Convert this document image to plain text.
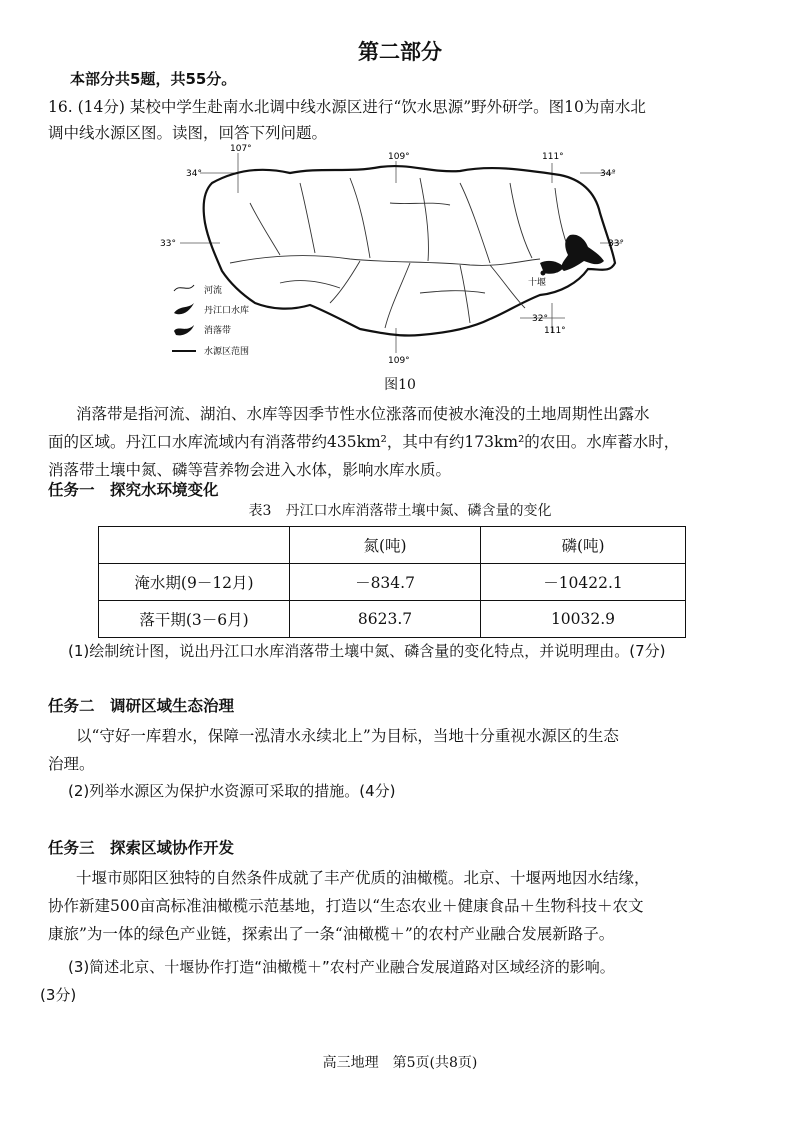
第二部分
本部分共5题，共55分。
16. (14分) 某校中学生赴南水北调中线水源区进行“饮水思源”野外研学。图10为南水北
调中线水源区图。读图，回答下列问题。
107°
109°	111°
109°
111°
34°	34°
33°	33°
32°
十堰
河流
丹江口水库
消落带
水源区范围
图10
消落带是指河流、湖泊、水库等因季节性水位涨落而使被水淹没的土地周期性出露水
面的区域。丹江口水库流域内有消落带约435km²，其中有约173km²的农田。水库蓄水时，
消落带土壤中氮、磷等营养物会进入水体，影响水库水质。
任务一　探究水环境变化
表3　丹江口水库消落带土壤中氮、磷含量的变化
	氮(吨)	磷(吨)
淹水期(9－12月)	－834.7	－10422.1
落干期(3－6月)	8623.7	10032.9
(1)绘制统计图，说出丹江口水库消落带土壤中氮、磷含量的变化特点，并说明理由。(7分)
任务二　调研区域生态治理
以“守好一库碧水，保障一泓清水永续北上”为目标，当地十分重视水源区的生态
治理。
(2)列举水源区为保护水资源可采取的措施。(4分)
任务三　探索区域协作开发
十堰市郧阳区独特的自然条件成就了丰产优质的油橄榄。北京、十堰两地因水结缘，
协作新建500亩高标准油橄榄示范基地，打造以“生态农业＋健康食品＋生物科技＋农文
康旅”为一体的绿色产业链，探索出了一条“油橄榄＋”的农村产业融合发展新路子。
(3)简述北京、十堰协作打造“油橄榄＋”农村产业融合发展道路对区域经济的影响。
(3分)
高三地理　第5页(共8页)
